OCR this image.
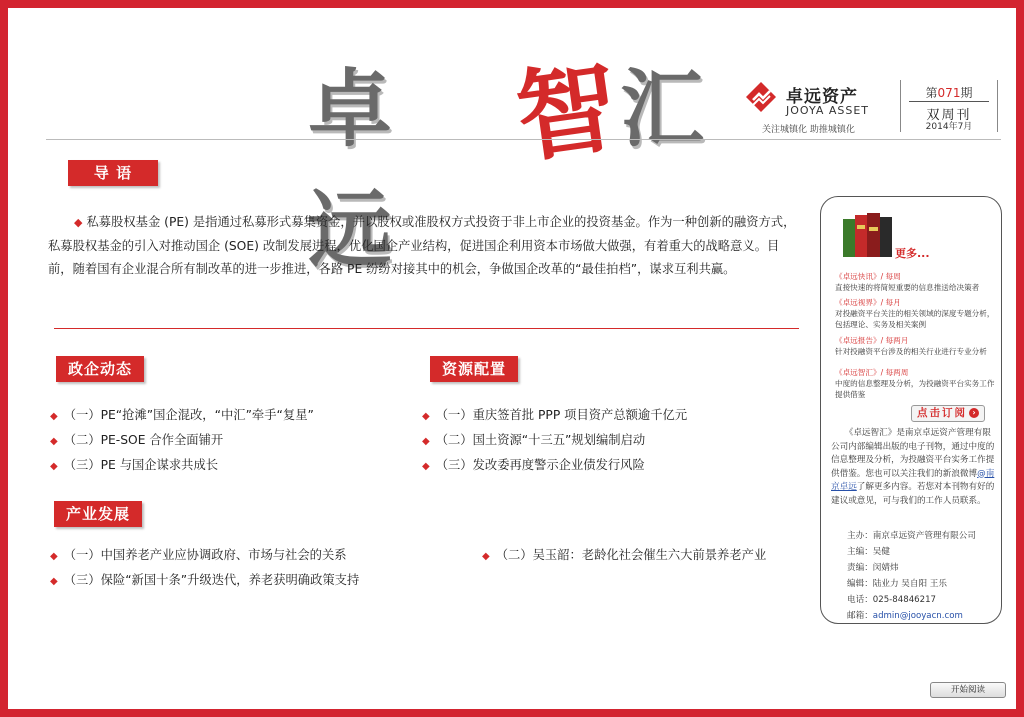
卓远
智
汇	卓远资产
JOOYA ASSET
关注城镇化 助推城镇化
第071期
双周刊
2014年7月
导 语
◆ 私募股权基金 (PE) 是指通过私募形式募集资金，并以股权或准股权方式投资于非上市企业的投资基金。作为一种创新的融资方式，私募股权基金的引入对推动国企 (SOE) 改制发展进程，优化国企产业结构，促进国企利用资本市场做大做强，有着重大的战略意义。目前，随着国有企业混合所有制改革的进一步推进，各路 PE 纷纷对接其中的机会，争做国企改革的“最佳拍档”，谋求互利共赢。
政企动态
◆ （一）PE“抢滩”国企混改，“中汇”牵手“复星”
◆ （二）PE-SOE 合作全面铺开
◆ （三）PE 与国企谋求共成长
资源配置
◆ （一）重庆签首批 PPP 项目资产总额逾千亿元
◆ （二）国土资源“十三五”规划编制启动
◆ （三）发改委再度警示企业债发行风险
产业发展
◆ （一）中国养老产业应协调政府、市场与社会的关系	◆ （二）吴玉韶：老龄化社会催生六大前景养老产业
◆ （三）保险“新国十条”升级迭代，养老获明确政策支持
更多...
《卓远快讯》/ 每周
直接快速的将简短重要的信息推送给决策者
《卓远视界》/ 每月
对投融资平台关注的相关领域的深度专题分析，包括理论、实务及相关案例
《卓远报告》/ 每两月
针对投融资平台涉及的相关行业进行专业分析
《卓远智汇》/ 每两周
中度的信息整理及分析，为投融资平台实务工作提供借鉴
点击订阅 ›
《卓远智汇》是南京卓远资产管理有限公司内部编辑出版的电子刊物，通过中度的信息整理及分析，为投融资平台实务工作提供借鉴。您也可以关注我们的新浪微博@南京卓远了解更多内容。若您对本刊物有好的建议或意见，可与我们的工作人员联系。
主办：南京卓远资产管理有限公司
主编：吴健
责编：闵婧炜
编辑：陆业力 吴自阳 王乐
电话：025-84846217
邮箱：admin@jooyacn.com
开始阅读
